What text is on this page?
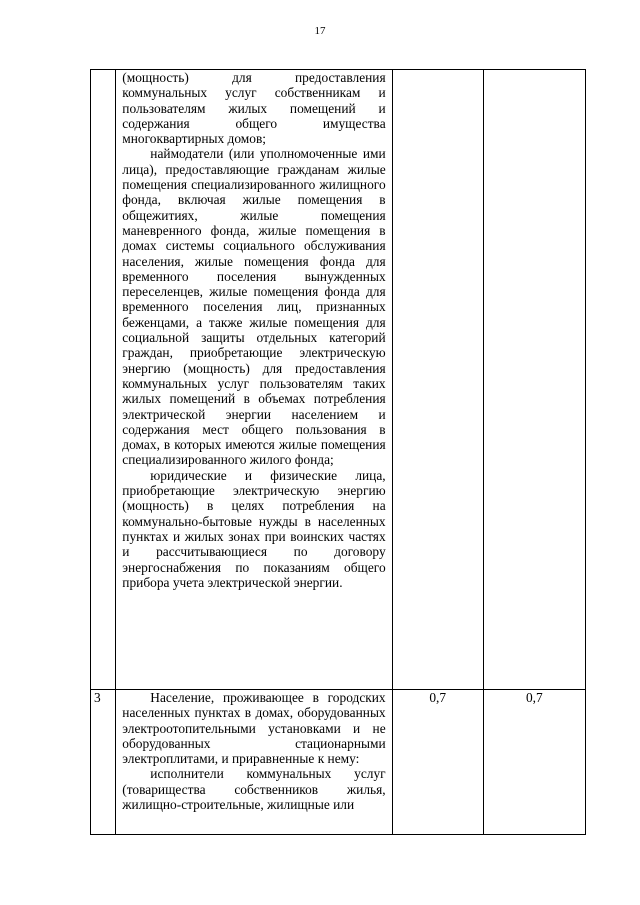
17

	(мощность) для предоставления коммунальных услуг собственникам и пользователям жилых помещений и содержания общего имущества многоквартирных домов;

наймодатели (или уполномоченные ими лица), предоставляющие гражданам жилые помещения специализированного жилищного фонда, включая жилые помещения в общежитиях, жилые помещения маневренного фонда, жилые помещения в домах системы социального обслуживания населения, жилые помещения фонда для временного поселения вынужденных переселенцев, жилые помещения фонда для временного поселения лиц, признанных беженцами, а также жилые помещения для социальной защиты отдельных категорий граждан, приобретающие электрическую энергию (мощность) для предоставления коммунальных услуг пользователям таких жилых помещений в объемах потребления электрической энергии населением и содержания мест общего пользования в домах, в которых имеются жилые помещения специализированного жилого фонда;

юридические и физические лица, приобретающие электрическую энергию (мощность) в целях потребления на коммунально-бытовые нужды в населенных пунктах и жилых зонах при воинских частях и рассчитывающиеся по договору энергоснабжения по показаниям общего прибора учета электрической энергии.		

3	Население, проживающее в городских населенных пунктах в домах, оборудованных электроотопительными установками и не оборудованных стационарными электроплитами, и приравненные к нему:

исполнители коммунальных услуг (товарищества собственников жилья, жилищно-строительные, жилищные или	0,7	0,7
